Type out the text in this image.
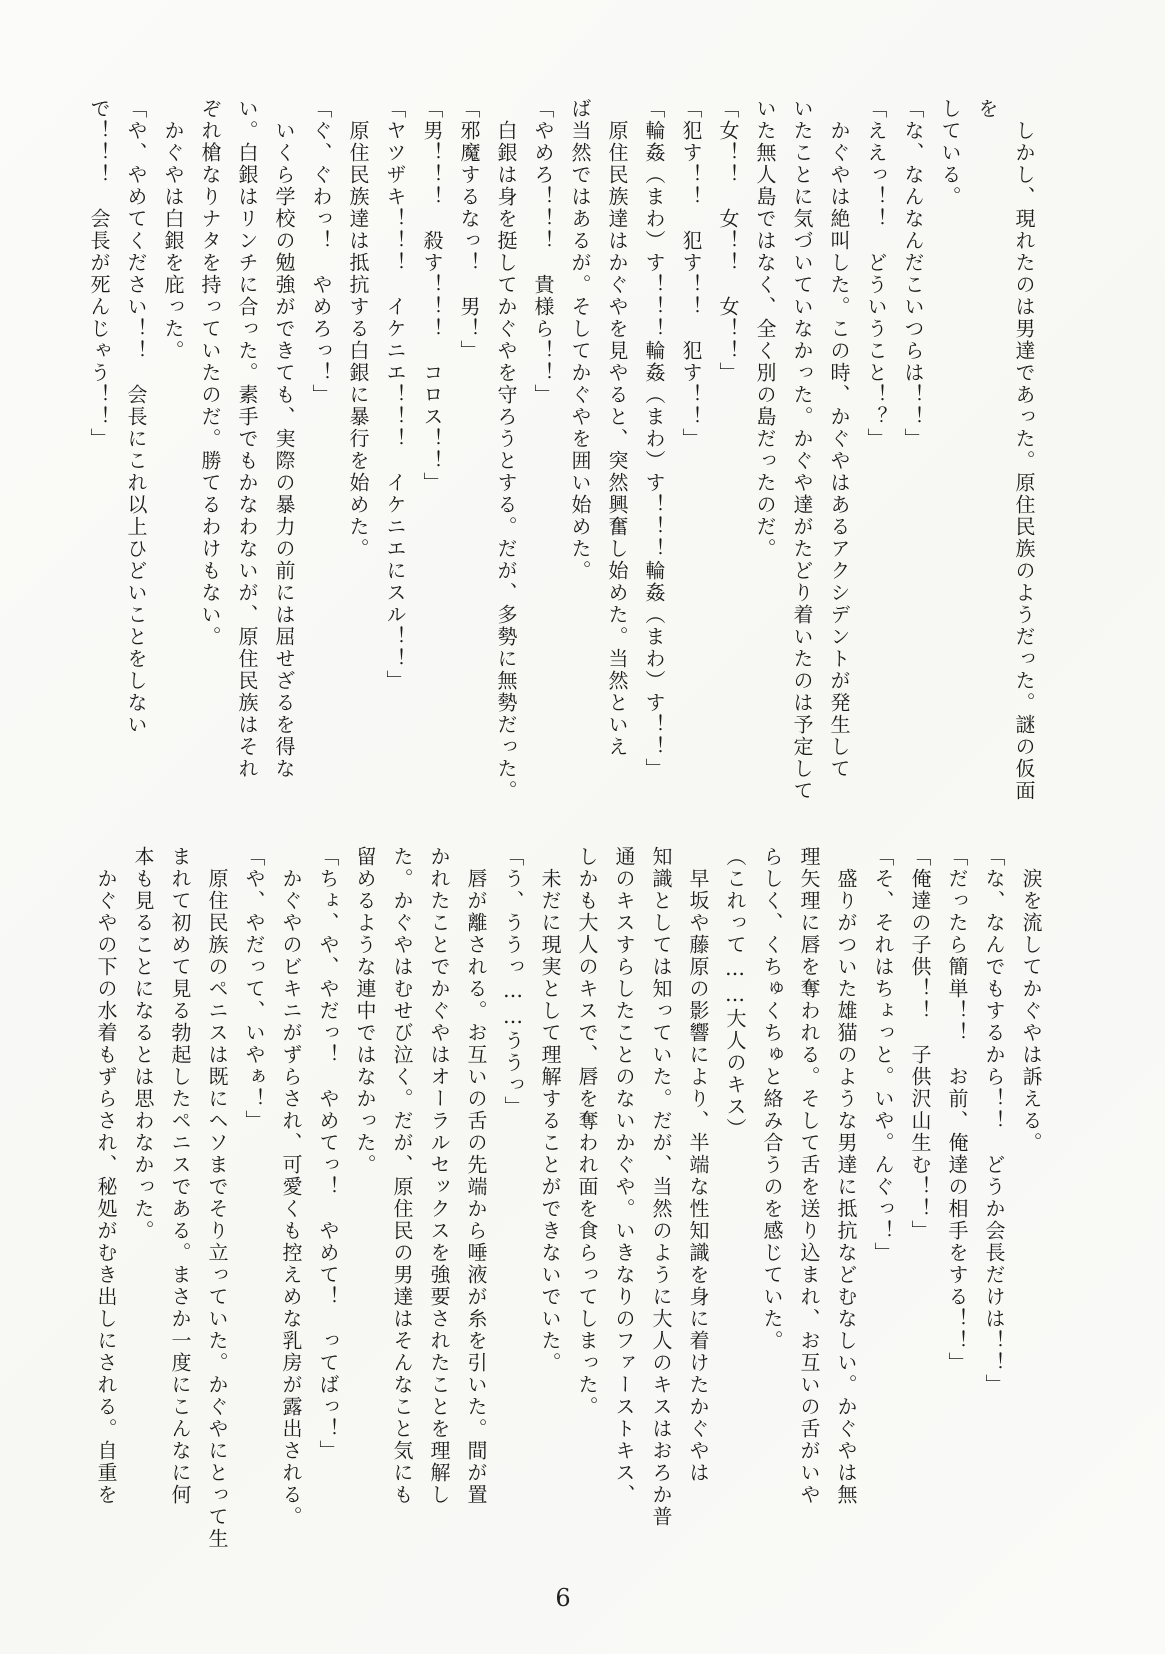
　しかし、現れたのは男達であった。原住民族のようだった。謎の仮面を

している。

「な、なんなんだこいつらは！！」

「ええっ！！　どういうこと！？」

　かぐやは絶叫した。この時、かぐやはあるアクシデントが発生して

いたことに気づいていなかった。かぐや達がたどり着いたのは予定して

いた無人島ではなく、全く別の島だったのだ。

「女！！　女！！　女！！」

「犯す！！　犯す！！　犯す！！」

「輪姦（まわ）す！！！輪姦（まわ）す！！！輪姦（まわ）す！！」

　原住民族達はかぐやを見やると、突然興奮し始めた。当然といえ

ば当然ではあるが。そしてかぐやを囲い始めた。

「やめろ！！！　貴様ら！！」

　白銀は身を挺してかぐやを守ろうとする。だが、多勢に無勢だった。

「邪魔するなっ！　男！」

「男！！！　殺す！！！　コロス！！」

「ヤツザキ！！！　イケニエ！！！　イケニエにスル！！」

　原住民族達は抵抗する白銀に暴行を始めた。

「ぐ、ぐわっ！　やめろっ！」

　いくら学校の勉強ができても、実際の暴力の前には屈せざるを得な

い。白銀はリンチに合った。素手でもかなわないが、原住民族はそれ

ぞれ槍なりナタを持っていたのだ。勝てるわけもない。

　かぐやは白銀を庇った。

「や、やめてください！！　会長にこれ以上ひどいことをしない

で！！！　会長が死んじゃう！！」

　涙を流してかぐやは訴える。

「な、なんでもするから！！　どうか会長だけは！！」

「だったら簡単！！　お前、俺達の相手をする！！」

「俺達の子供！！　子供沢山生む！！」

「そ、それはちょっと。いや。んぐっ！」

　盛りがついた雄猫のような男達に抵抗などむなしい。かぐやは無

理矢理に唇を奪われる。そして舌を送り込まれ、お互いの舌がいや

らしく、くちゅくちゅと絡み合うのを感じていた。

（これって……大人のキス）

　早坂や藤原の影響により、半端な性知識を身に着けたかぐやは

知識としては知っていた。だが、当然のように大人のキスはおろか普

通のキスすらしたことのないかぐや。いきなりのファーストキス、

しかも大人のキスで、唇を奪われ面を食らってしまった。

　未だに現実として理解することができないでいた。

「う、ううっ……ううっ」

　唇が離される。お互いの舌の先端から唾液が糸を引いた。間が置

かれたことでかぐやはオーラルセックスを強要されたことを理解し

た。かぐやはむせび泣く。だが、原住民の男達はそんなこと気にも

留めるような連中ではなかった。

「ちょ、や、やだっ！　やめてっ！　やめて！　ってばっ！」

　かぐやのビキニがずらされ、可愛くも控えめな乳房が露出される。

「や、やだって、いやぁ！」

　原住民族のペニスは既にヘソまでそり立っていた。かぐやにとって生

まれて初めて見る勃起したペニスである。まさか一度にこんなに何

本も見ることになるとは思わなかった。

　かぐやの下の水着もずらされ、秘処がむき出しにされる。自重を

6
